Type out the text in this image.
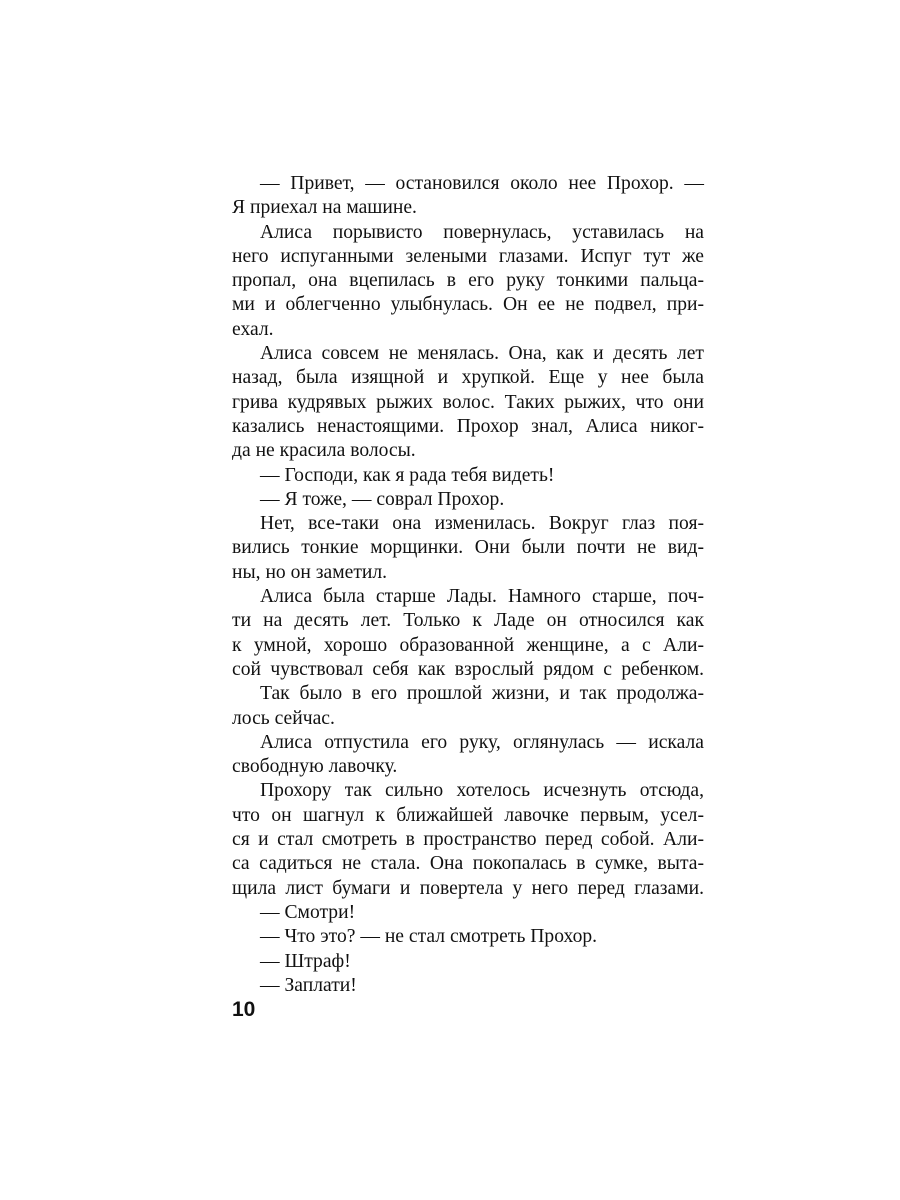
— Привет, — остановился около нее Прохор. —
Я приехал на машине.
Алиса порывисто повернулась, уставилась на
него испуганными зелеными глазами. Испуг тут же
пропал, она вцепилась в его руку тонкими пальца-
ми и облегченно улыбнулась. Он ее не подвел, при-
ехал.
Алиса совсем не менялась. Она, как и десять лет
назад, была изящной и хрупкой. Еще у нее была
грива кудрявых рыжих волос. Таких рыжих, что они
казались ненастоящими. Прохор знал, Алиса никог-
да не красила волосы.
— Господи, как я рада тебя видеть!
— Я тоже, — соврал Прохор.
Нет, все-таки она изменилась. Вокруг глаз поя-
вились тонкие морщинки. Они были почти не вид-
ны, но он заметил.
Алиса была старше Лады. Намного старше, поч-
ти на десять лет. Только к Ладе он относился как
к умной, хорошо образованной женщине, а с Али-
сой чувствовал себя как взрослый рядом с ребенком.
Так было в его прошлой жизни, и так продолжа-
лось сейчас.
Алиса отпустила его руку, оглянулась — искала
свободную лавочку.
Прохору так сильно хотелось исчезнуть отсюда,
что он шагнул к ближайшей лавочке первым, усел-
ся и стал смотреть в пространство перед собой. Али-
са садиться не стала. Она покопалась в сумке, выта-
щила лист бумаги и повертела у него перед глазами.
— Смотри!
— Что это? — не стал смотреть Прохор.
— Штраф!
— Заплати!
10
